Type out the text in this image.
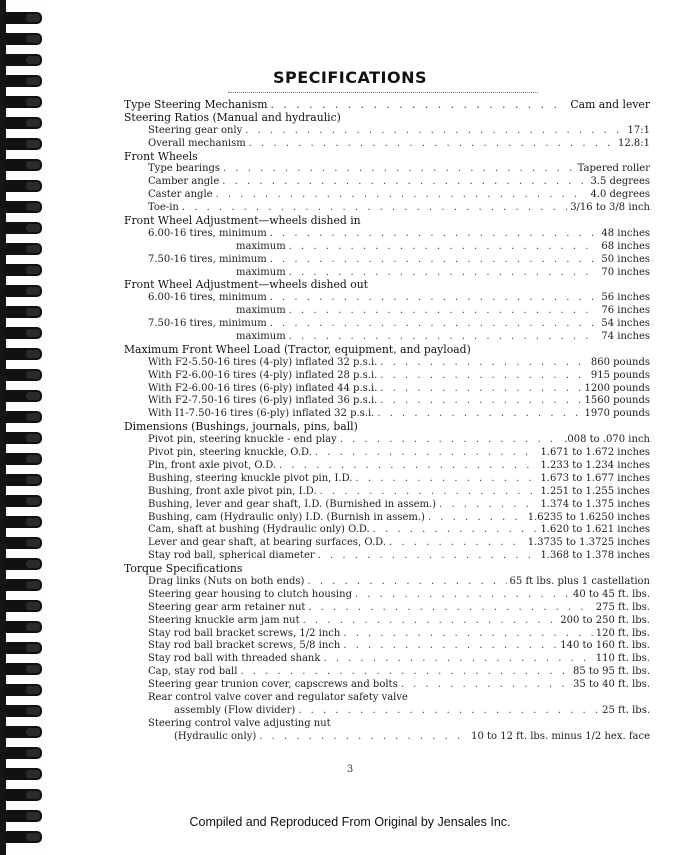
SPECIFICATIONS
Type Steering Mechanism . . .	Cam and lever
Steering Ratios (Manual and hydraulic)
Steering gear only . . .	17:1
Overall mechanism . . .	12.8:1
Front Wheels
Type bearings . . .	Tapered roller
Camber angle . . .	3.5 degrees
Caster angle . . .	4.0 degrees
Toe-in . . .	3/16 to 3/8 inch
Front Wheel Adjustment—wheels dished in
6.00-16 tires, minimum . . .	48 inches
maximum . . .	68 inches
7.50-16 tires, minimum . . .	50 inches
maximum . . .	70 inches
Front Wheel Adjustment—wheels dished out
6.00-16 tires, minimum . . .	56 inches
maximum . . .	76 inches
7.50-16 tires, minimum . . .	54 inches
maximum . . .	74 inches
Maximum Front Wheel Load (Tractor, equipment, and payload)
With F2-5.50-16 tires (4-ply) inflated 32 p.s.i. . . .	860 pounds
With F2-6.00-16 tires (4-ply) inflated 28 p.s.i. . . .	915 pounds
With F2-6.00-16 tires (6-ply) inflated 44 p.s.i. . . .	1200 pounds
With F2-7.50-16 tires (6-ply) inflated 36 p.s.i. . . .	1560 pounds
With I1-7.50-16 tires (6-ply) inflated 32 p.s.i. . . .	1970 pounds
Dimensions (Bushings, journals, pins, ball)
Pivot pin, steering knuckle - end play . . .	.008 to .070 inch
Pivot pin, steering knuckle, O.D. . . .	1.671 to 1.672 inches
Pin, front axle pivot, O.D. . . .	1.233 to 1.234 inches
Bushing, steering knuckle pivot pin, I.D. . . .	1.673 to 1.677 inches
Bushing, front axle pivot pin, I.D. . . .	1.251 to 1.255 inches
Bushing, lever and gear shaft, I.D. (Burnished in assem.) . . .	1.374 to 1.375 inches
Bushing, cam (Hydraulic only) I.D. (Burnish in assem.) . . .	1.6235 to 1.6250 inches
Cam, shaft at bushing (Hydraulic only) O.D. . . .	1.620 to 1.621 inches
Lever and gear shaft, at bearing surfaces, O.D. . . .	1.3735 to 1.3725 inches
Stay rod ball, spherical diameter . . .	1.368 to 1.378 inches
Torque Specifications
Drag links (Nuts on both ends) . . .	65 ft lbs. plus 1 castellation
Steering gear housing to clutch housing . . .	40 to 45 ft. lbs.
Steering gear arm retainer nut . . .	275 ft. lbs.
Steering knuckle arm jam nut . . .	200 to 250 ft. lbs.
Stay rod ball bracket screws, 1/2 inch . . .	120 ft. lbs.
Stay rod ball bracket screws, 5/8 inch . . .	140 to 160 ft. lbs.
Stay rod ball with threaded shank . . .	110 ft. lbs.
Cap, stay rod ball . . .	85 to 95 ft. lbs.
Steering gear trunion cover, capscrews and bolts . . .	35 to 40 ft. lbs.
Rear control valve cover and regulator safety valve
assembly (Flow divider) . . .	25 ft. lbs.
Steering control valve adjusting nut
(Hydraulic only) . . .	10 to 12 ft. lbs. minus 1/2 hex. face
3
Compiled and Reproduced From Original by Jensales Inc.
